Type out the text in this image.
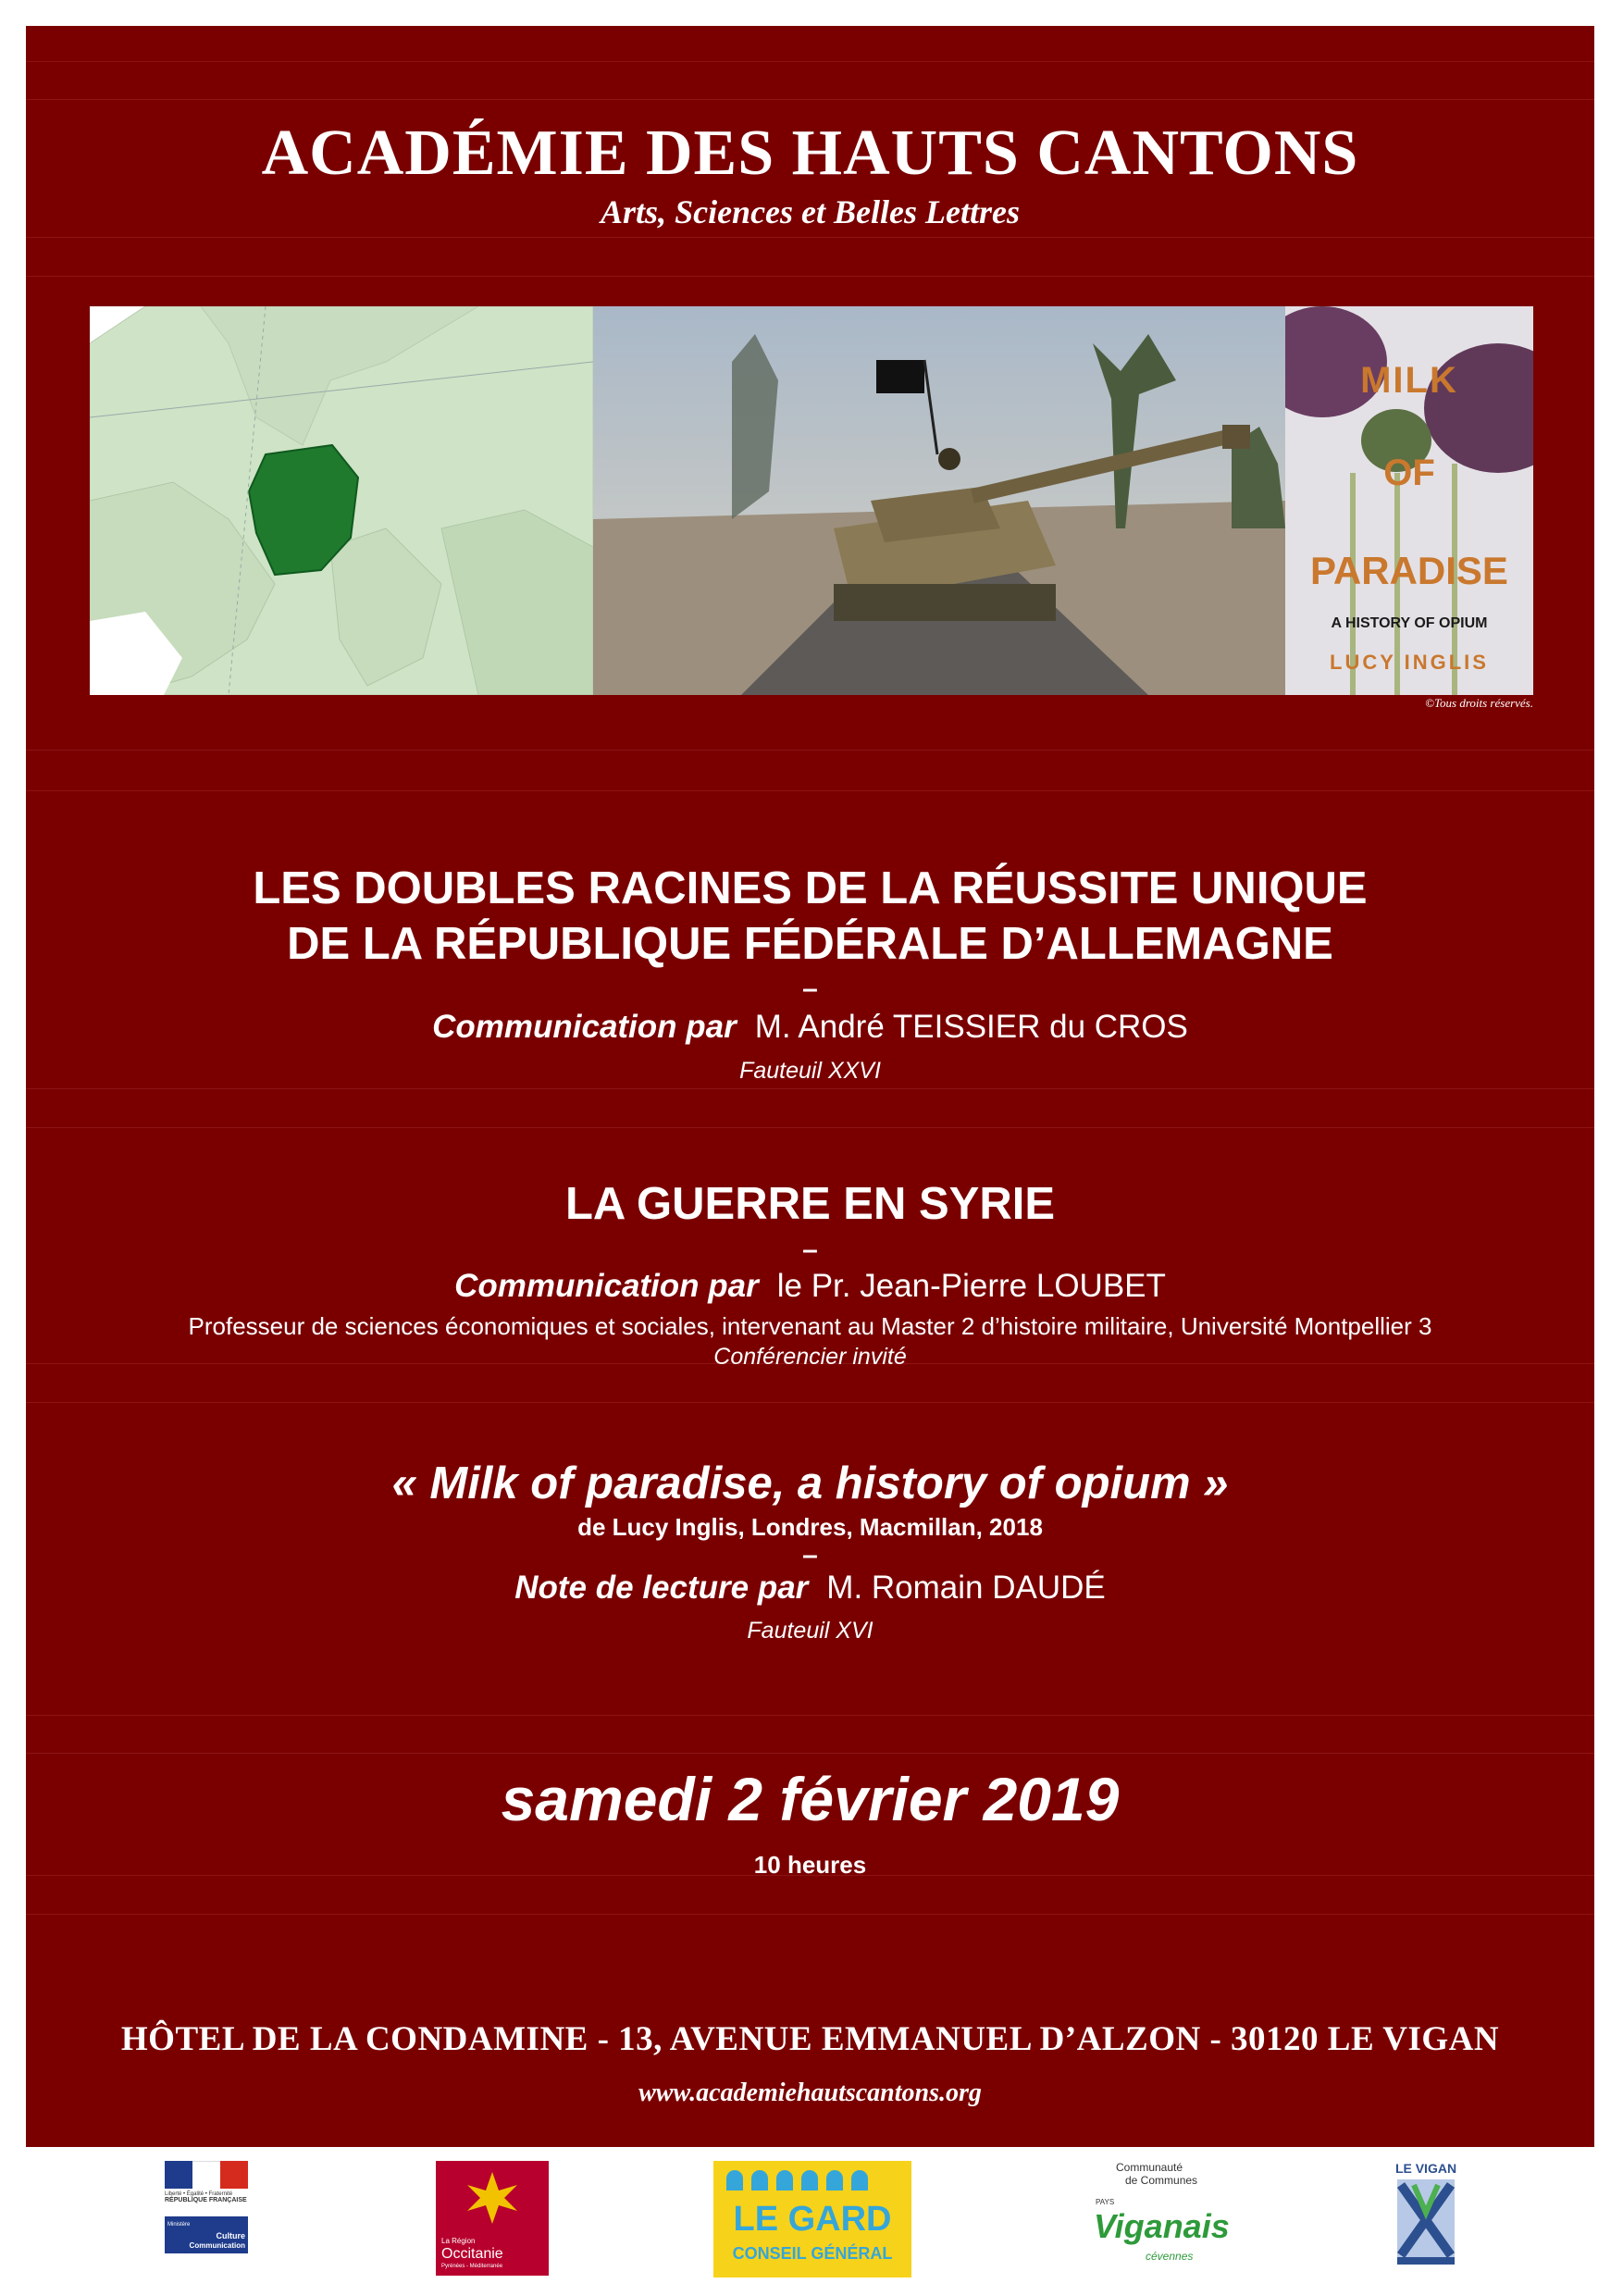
ACADÉMIE DES HAUTS CANTONS
Arts, Sciences et Belles Lettres
MILK
OF
PARADISE
A HISTORY OF OPIUM
LUCY INGLIS
©Tous droits réservés.
LES DOUBLES RACINES DE LA RÉUSSITE UNIQUE
DE LA RÉPUBLIQUE FÉDÉRALE D’ALLEMAGNE
–
Communication par M. André TEISSIER du CROS
Fauteuil XXVI
LA GUERRE EN SYRIE
–
Communication par le Pr. Jean-Pierre LOUBET
Professeur de sciences économiques et sociales, intervenant au Master 2 d’histoire militaire, Université Montpellier 3
Conférencier invité
« Milk of paradise, a history of opium »
de Lucy Inglis, Londres, Macmillan, 2018
–
Note de lecture par M. Romain DAUDÉ
Fauteuil XVI
samedi 2 février 2019
10 heures
HÔTEL DE LA CONDAMINE - 13, AVENUE EMMANUEL D’ALZON - 30120 LE VIGAN
www.academiehautscantons.org
Liberté • Égalité • Fraternité
RÉPUBLIQUE FRANÇAISE
Ministère
Culture
Communication
La Région
Occitanie
Pyrénées - Méditerranée
LE GARD
CONSEIL GÉNÉRAL
Communauté
de Communes
PAYS
Viganais
cévennes
LE VIGAN
